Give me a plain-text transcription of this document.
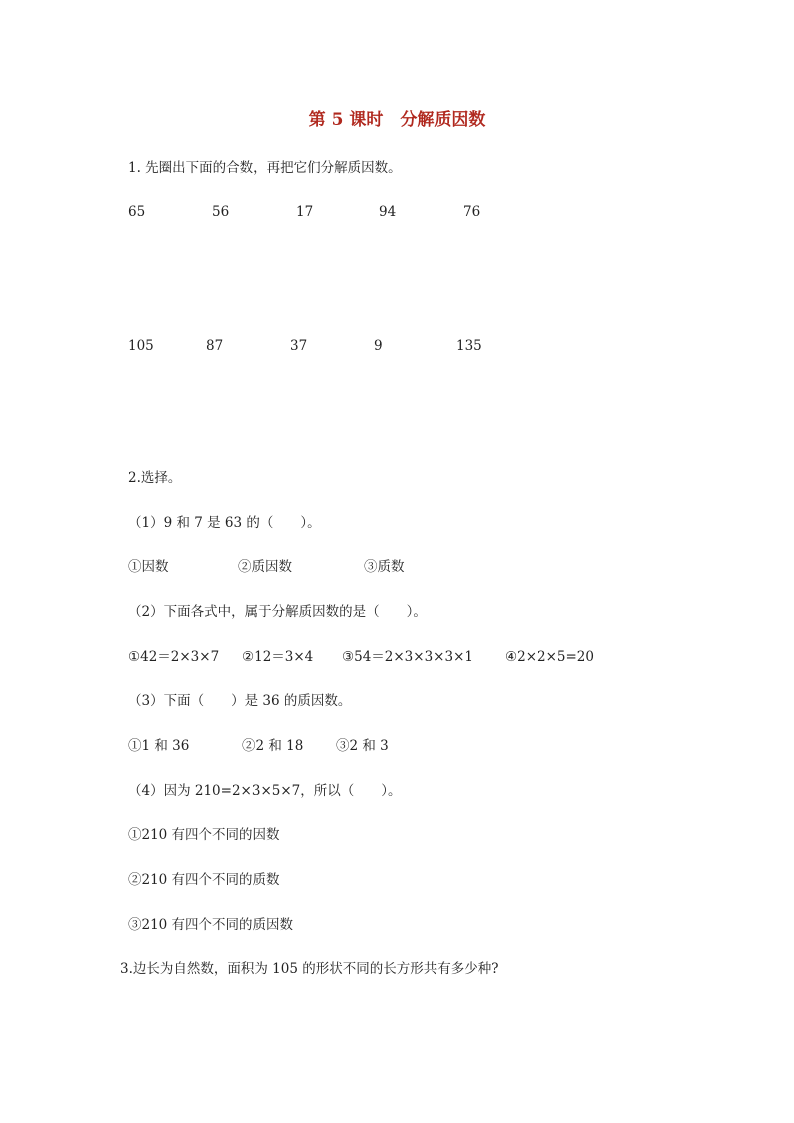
第 5 课时　分解质因数
1. 先圈出下面的合数，再把它们分解质因数。
65	56	17	94	76
105	87	37	9	135
2.选择。
（1）9 和 7 是 63 的（　　）。
①因数	②质因数	③质数
（2）下面各式中，属于分解质因数的是（　　）。
①42＝2×3×7 ②12＝3×4 ③54＝2×3×3×3×1 ④2×2×5=20
（3）下面（　　）是 36 的质因数。
①1 和 36	②2 和 18 ③2 和 3
（4）因为 210=2×3×5×7，所以（　　）。
①210 有四个不同的因数
②210 有四个不同的质数
③210 有四个不同的质因数
3.边长为自然数，面积为 105 的形状不同的长方形共有多少种?
